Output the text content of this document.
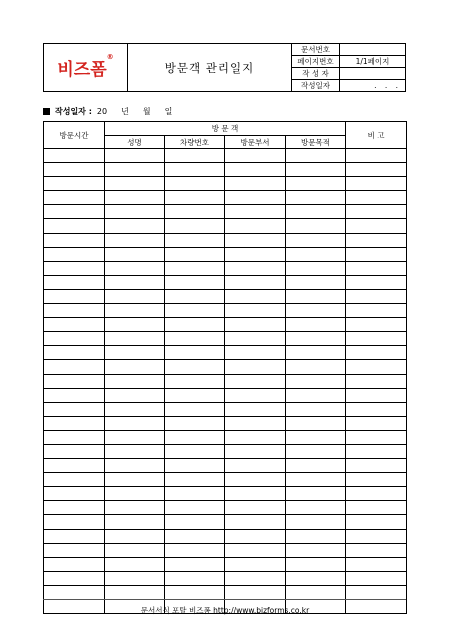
비즈폼®
방문객 관리일지
문서번호
페이지번호	1/1페이지
작 성 자
작성일자	. . .
작성일자 : 20 년 월 일
방문시간	방 문 객				비 고
	성명	차량번호	방문부서	방문목적	

문서서식 포탈 비즈폼 http://www.bizforms.co.kr
